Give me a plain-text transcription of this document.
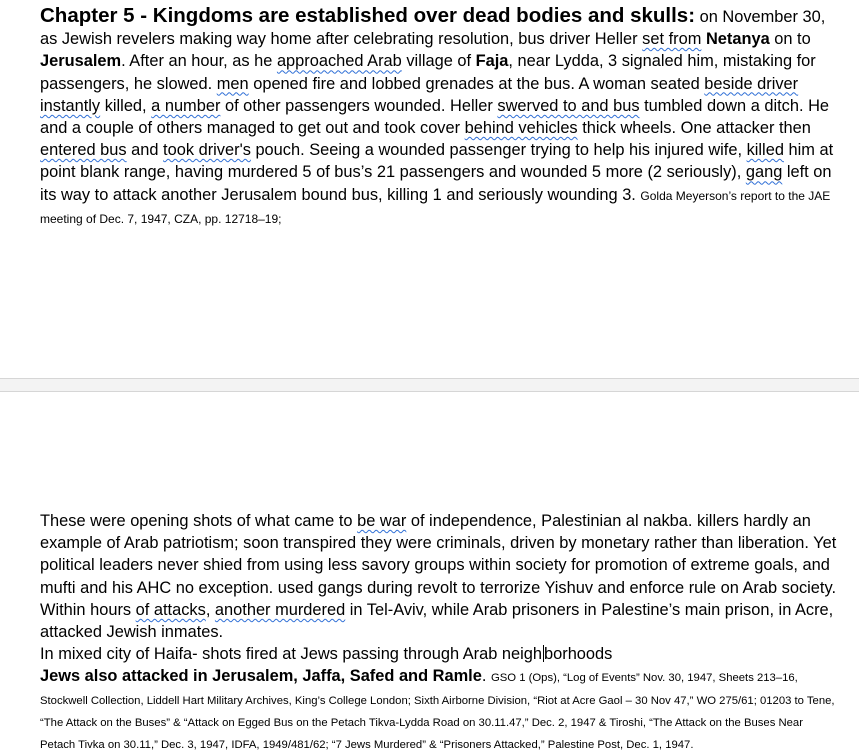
Chapter 5 - Kingdoms are established over dead bodies and skulls: on November 30, as Jewish revelers making way home after celebrating resolution, bus driver Heller set from Netanya on to Jerusalem. After an hour, as he approached Arab village of Faja, near Lydda, 3 signaled him, mistaking for passengers, he slowed. men opened fire and lobbed grenades at the bus. A woman seated beside driver instantly killed, a number of other passengers wounded. Heller swerved to and bus tumbled down a ditch. He and a couple of others managed to get out and took cover behind vehicles thick wheels. One attacker then entered bus and took driver's pouch. Seeing a wounded passenger trying to help his injured wife, killed him at point blank range, having murdered 5 of bus’s 21 passengers and wounded 5 more (2 seriously), gang left on its way to attack another Jerusalem bound bus, killing 1 and seriously wounding 3. Golda Meyerson’s report to the JAE meeting of Dec. 7, 1947, CZA, pp. 12718–19;
These were opening shots of what came to be war of independence, Palestinian al nakba. killers hardly an example of Arab patriotism; soon transpired they were criminals, driven by monetary rather than liberation. Yet political leaders never shied from using less savory groups within society for promotion of extreme goals, and mufti and his AHC no exception. used gangs during revolt to terrorize Yishuv and enforce rule on Arab society. Within hours of attacks, another murdered in Tel-Aviv, while Arab prisoners in Palestine’s main prison, in Acre, attacked Jewish inmates.
In mixed city of Haifa- shots fired at Jews passing through Arab neigh borhoods
Jews also attacked in Jerusalem, Jaffa, Safed and Ramle. GSO 1 (Ops), “Log of Events” Nov. 30, 1947, Sheets 213–16, Stockwell Collection, Liddell Hart Military Archives, King’s College London; Sixth Airborne Division, “Riot at Acre Gaol – 30 Nov 47,” WO 275/61; 01203 to Tene, “The Attack on the Buses” & “Attack on Egged Bus on the Petach Tikva-Lydda Road on 30.11.47,” Dec. 2, 1947 & Tiroshi, “The Attack on the Buses Near Petach Tivka on 30.11,” Dec. 3, 1947, IDFA, 1949/481/62; “7 Jews Murdered” & “Prisoners Attacked,” Palestine Post, Dec. 1, 1947.
